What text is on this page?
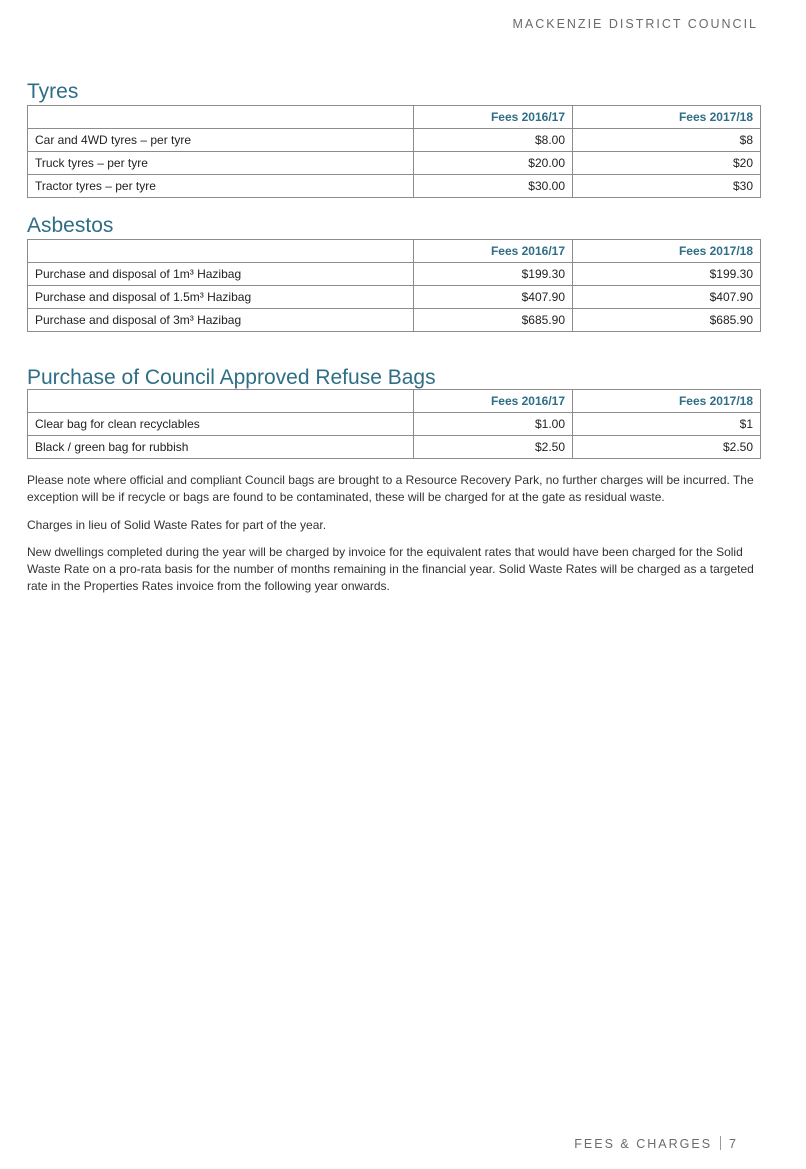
MACKENZIE DISTRICT COUNCIL
Tyres
	Fees 2016/17	Fees 2017/18
Car and 4WD tyres – per tyre	$8.00	$8
Truck tyres – per tyre	$20.00	$20
Tractor tyres – per tyre	$30.00	$30
Asbestos
	Fees 2016/17	Fees 2017/18
Purchase and disposal of 1m³ Hazibag	$199.30	$199.30
Purchase and disposal of 1.5m³ Hazibag	$407.90	$407.90
Purchase and disposal of 3m³ Hazibag	$685.90	$685.90
Purchase of Council Approved Refuse Bags
	Fees 2016/17	Fees 2017/18
Clear bag for clean recyclables	$1.00	$1
Black / green bag for rubbish	$2.50	$2.50

Please note where official and compliant Council bags are brought to a Resource Recovery Park, no further charges will be incurred. The exception will be if recycle or bags are found to be contaminated, these will be charged for at the gate as residual waste.

Charges in lieu of Solid Waste Rates for part of the year.

New dwellings completed during the year will be charged by invoice for the equivalent rates that would have been charged for the Solid Waste Rate on a pro-rata basis for the number of months remaining in the financial year. Solid Waste Rates will be charged as a targeted rate in the Properties Rates invoice from the following year onwards.

FEES & CHARGES 7
